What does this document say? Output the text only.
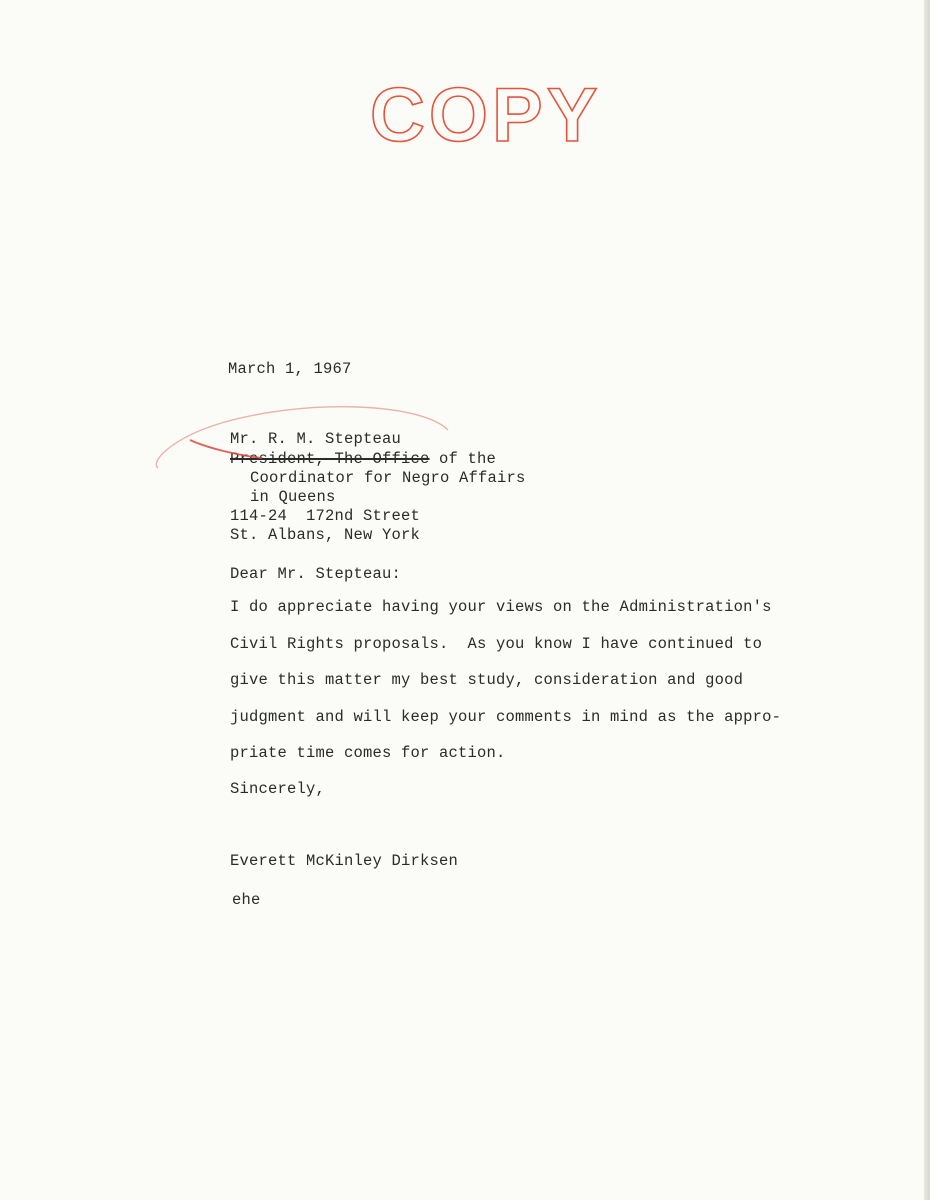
COPY
March 1, 1967
Mr. R. M. Stepteau
President, The Office of the
Coordinator for Negro Affairs
in Queens
114-24  172nd Street
St. Albans, New York
Dear Mr. Stepteau:
I do appreciate having your views on the Administration's
Civil Rights proposals.  As you know I have continued to
give this matter my best study, consideration and good
judgment and will keep your comments in mind as the appro-
priate time comes for action.
Sincerely,
Everett McKinley Dirksen
ehe
